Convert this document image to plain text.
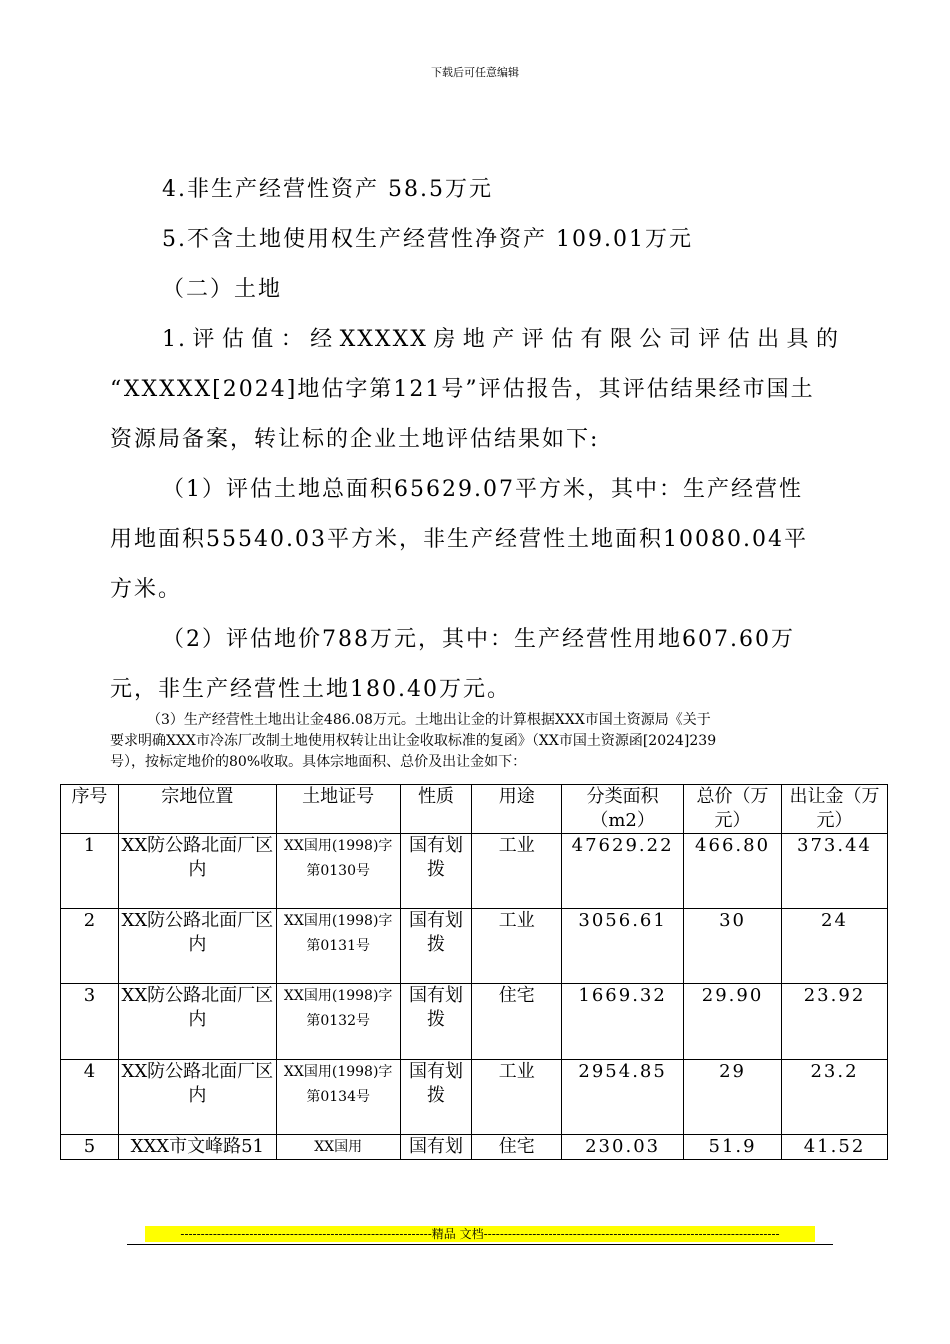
下载后可任意编辑
4.非生产经营性资产 58.5万元
5.不含土地使用权生产经营性净资产 109.01万元
（二）土地
1.评估值：经XXXXX房地产评估有限公司评估出具的
“XXXXX[2024]地估字第121号”评估报告，其评估结果经市国土
资源局备案，转让标的企业土地评估结果如下:
（1）评估土地总面积65629.07平方米，其中：生产经营性
用地面积55540.03平方米，非生产经营性土地面积10080.04平
方米。
（2）评估地价788万元，其中：生产经营性用地607.60万
元，非生产经营性土地180.40万元。
（3）生产经营性土地出让金486.08万元。土地出让金的计算根据XXX市国土资源局《关于
要求明确XXX市冷冻厂改制土地使用权转让出让金收取标准的复函》（XX市国土资源函[2024]239
号），按标定地价的80%收取。具体宗地面积、总价及出让金如下：
序号	宗地位置	土地证号	性质	用途	分类面积（m2）	总价（万元）	出让金（万元）
1	XX防公路北面厂区内	XX国用(1998)字第0130号	国有划拨	工业	47629.22	466.80	373.44
2	XX防公路北面厂区内	XX国用(1998)字第0131号	国有划拨	工业	3056.61	30	24
3	XX防公路北面厂区内	XX国用(1998)字第0132号	国有划拨	住宅	1669.32	29.90	23.92
4	XX防公路北面厂区内	XX国用(1998)字第0134号	国有划拨	工业	2954.85	29	23.2
5	XXX市文峰路51	XX国用	国有划	住宅	230.03	51.9	41.52
--------------------------------------------------------------精品 文档-------------------------------------------------------------------------
